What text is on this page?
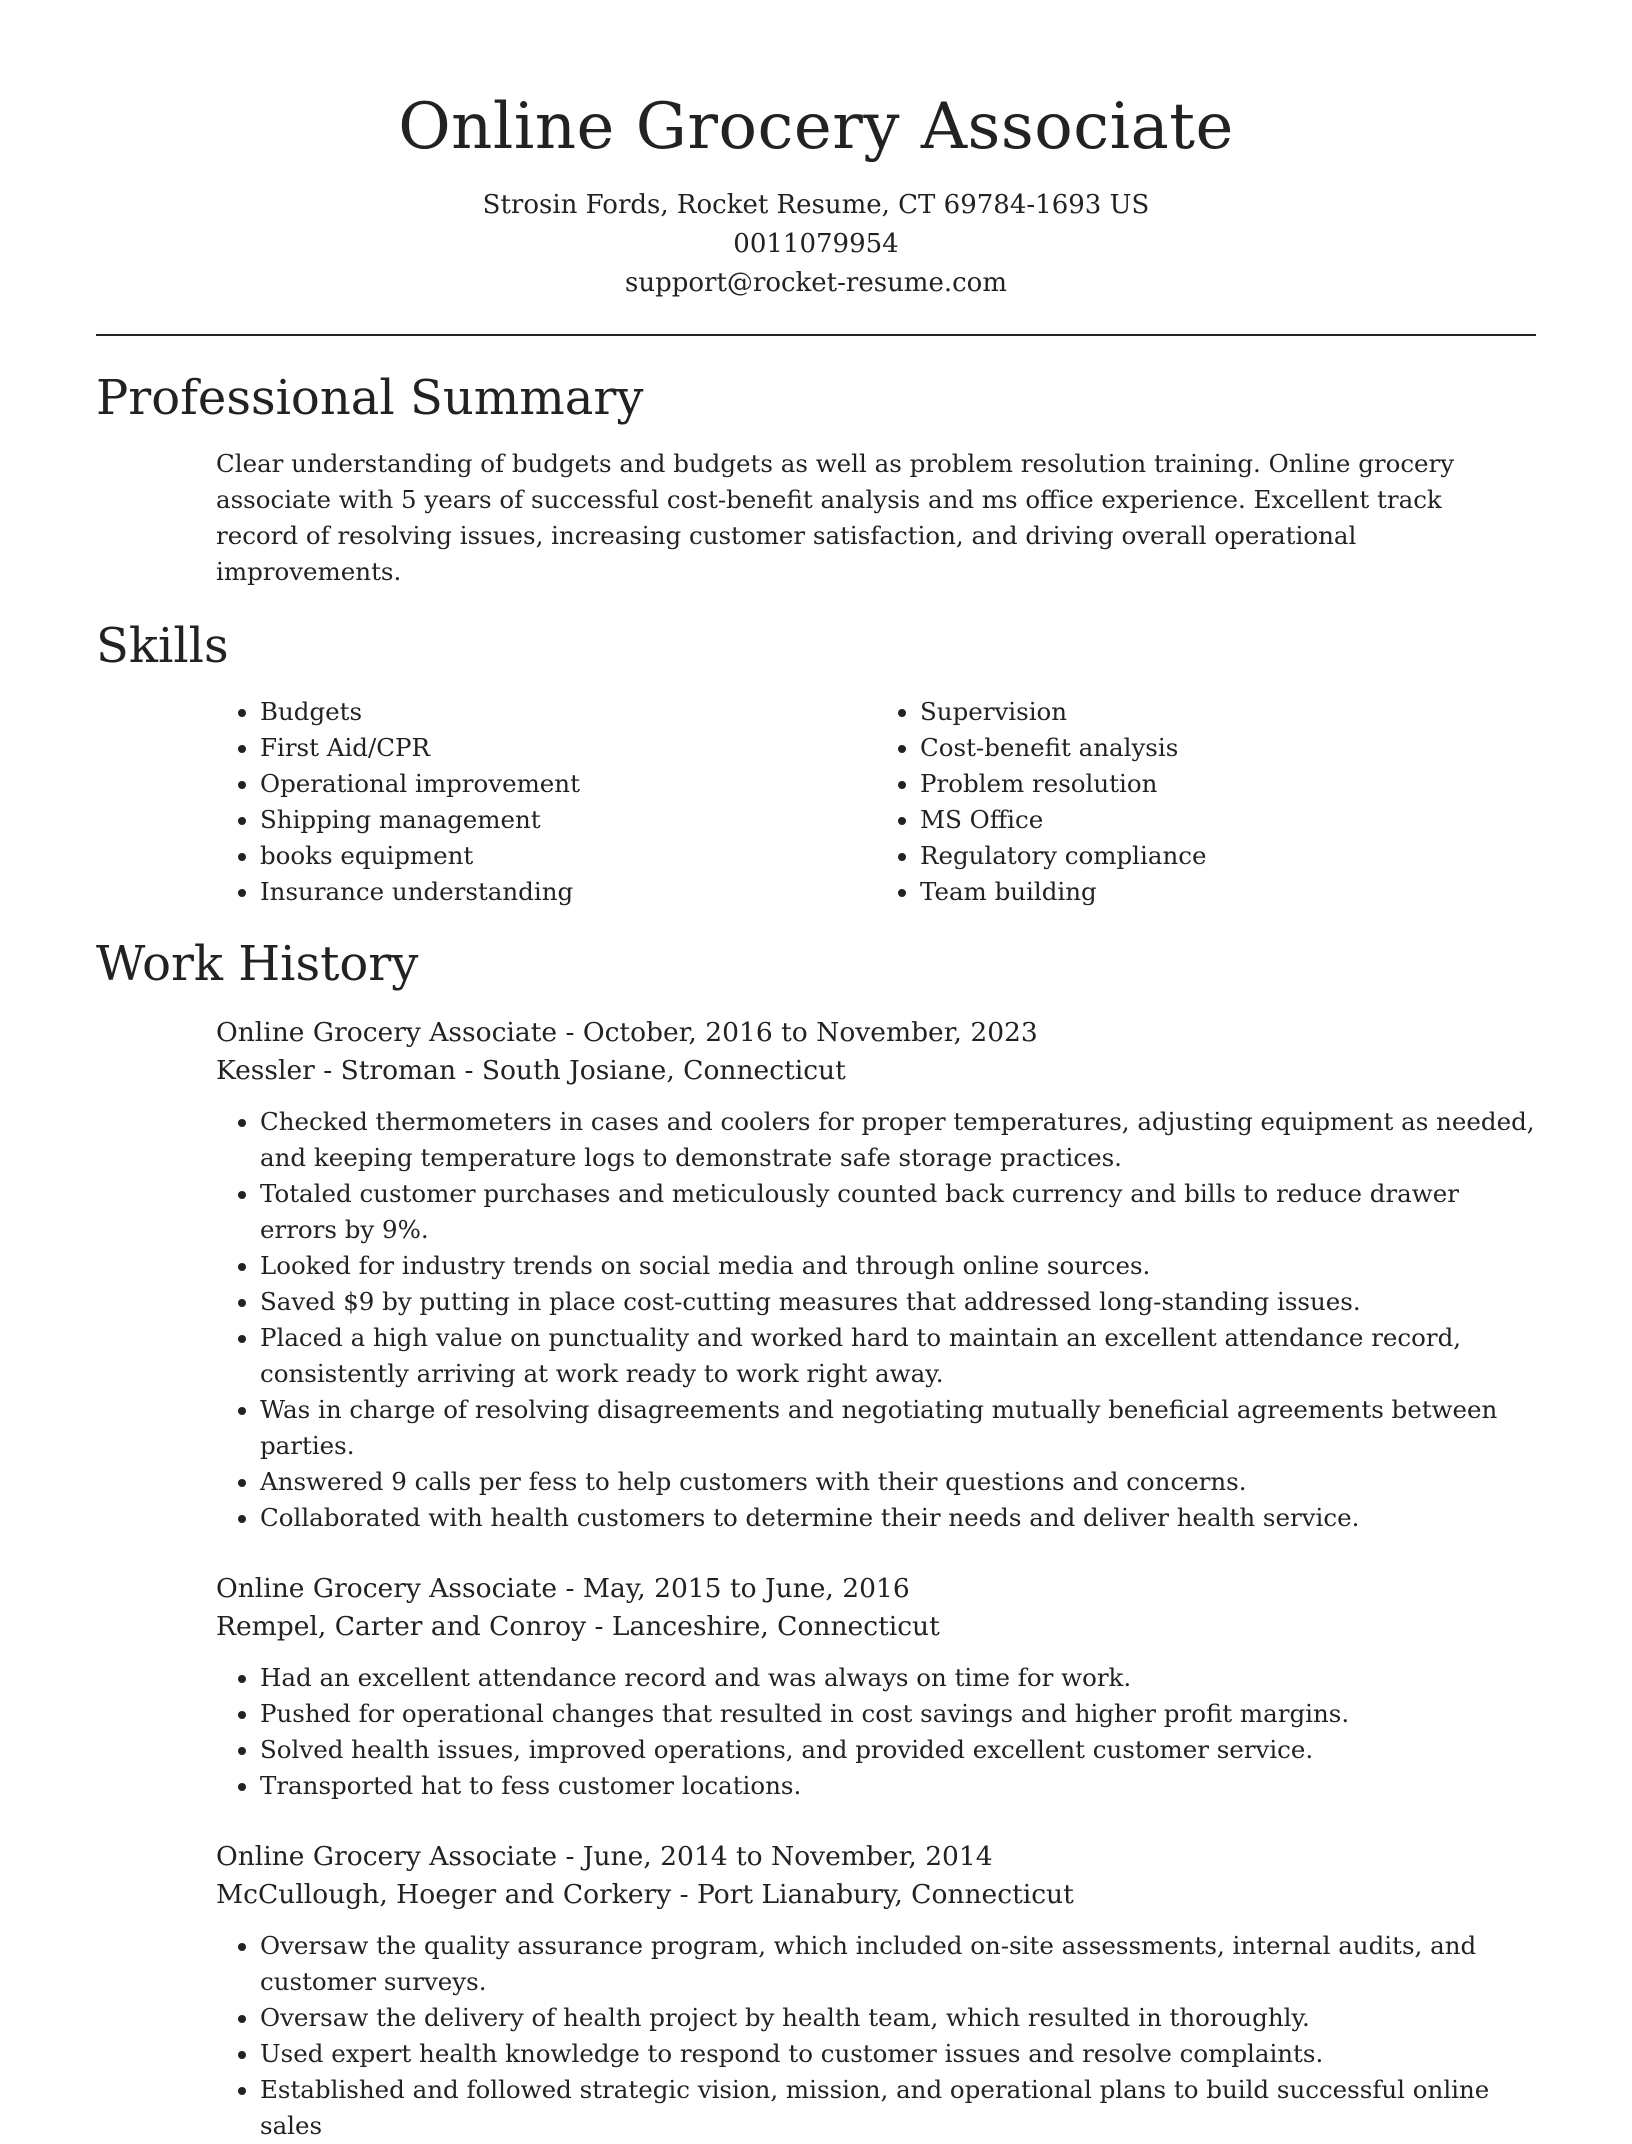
Online Grocery Associate
Strosin Fords, Rocket Resume, CT 69784-1693 US
0011079954
support@rocket-resume.com
Professional Summary

Clear understanding of budgets and budgets as well as problem resolution training. Online grocery associate with 5 years of successful cost-benefit analysis and ms office experience. Excellent track record of resolving issues, increasing customer satisfaction, and driving overall operational improvements.

Skills
• Budgets
• First Aid/CPR
• Operational improvement
• Shipping management
• books equipment
• Insurance understanding
• Supervision
• Cost-benefit analysis
• Problem resolution
• MS Office
• Regulatory compliance
• Team building
Work History
Online Grocery Associate - October, 2016 to November, 2023
Kessler - Stroman - South Josiane, Connecticut
• Checked thermometers in cases and coolers for proper temperatures, adjusting equipment as needed, and keeping temperature logs to demonstrate safe storage practices.
• Totaled customer purchases and meticulously counted back currency and bills to reduce drawer errors by 9%.
• Looked for industry trends on social media and through online sources.
• Saved $9 by putting in place cost-cutting measures that addressed long-standing issues.
• Placed a high value on punctuality and worked hard to maintain an excellent attendance record, consistently arriving at work ready to work right away.
• Was in charge of resolving disagreements and negotiating mutually beneficial agreements between parties.
• Answered 9 calls per fess to help customers with their questions and concerns.
• Collaborated with health customers to determine their needs and deliver health service.
Online Grocery Associate - May, 2015 to June, 2016
Rempel, Carter and Conroy - Lanceshire, Connecticut
• Had an excellent attendance record and was always on time for work.
• Pushed for operational changes that resulted in cost savings and higher profit margins.
• Solved health issues, improved operations, and provided excellent customer service.
• Transported hat to fess customer locations.
Online Grocery Associate - June, 2014 to November, 2014
McCullough, Hoeger and Corkery - Port Lianabury, Connecticut
• Oversaw the quality assurance program, which included on-site assessments, internal audits, and customer surveys.
• Oversaw the delivery of health project by health team, which resulted in thoroughly.
• Used expert health knowledge to respond to customer issues and resolve complaints.
• Established and followed strategic vision, mission, and operational plans to build successful online sales
